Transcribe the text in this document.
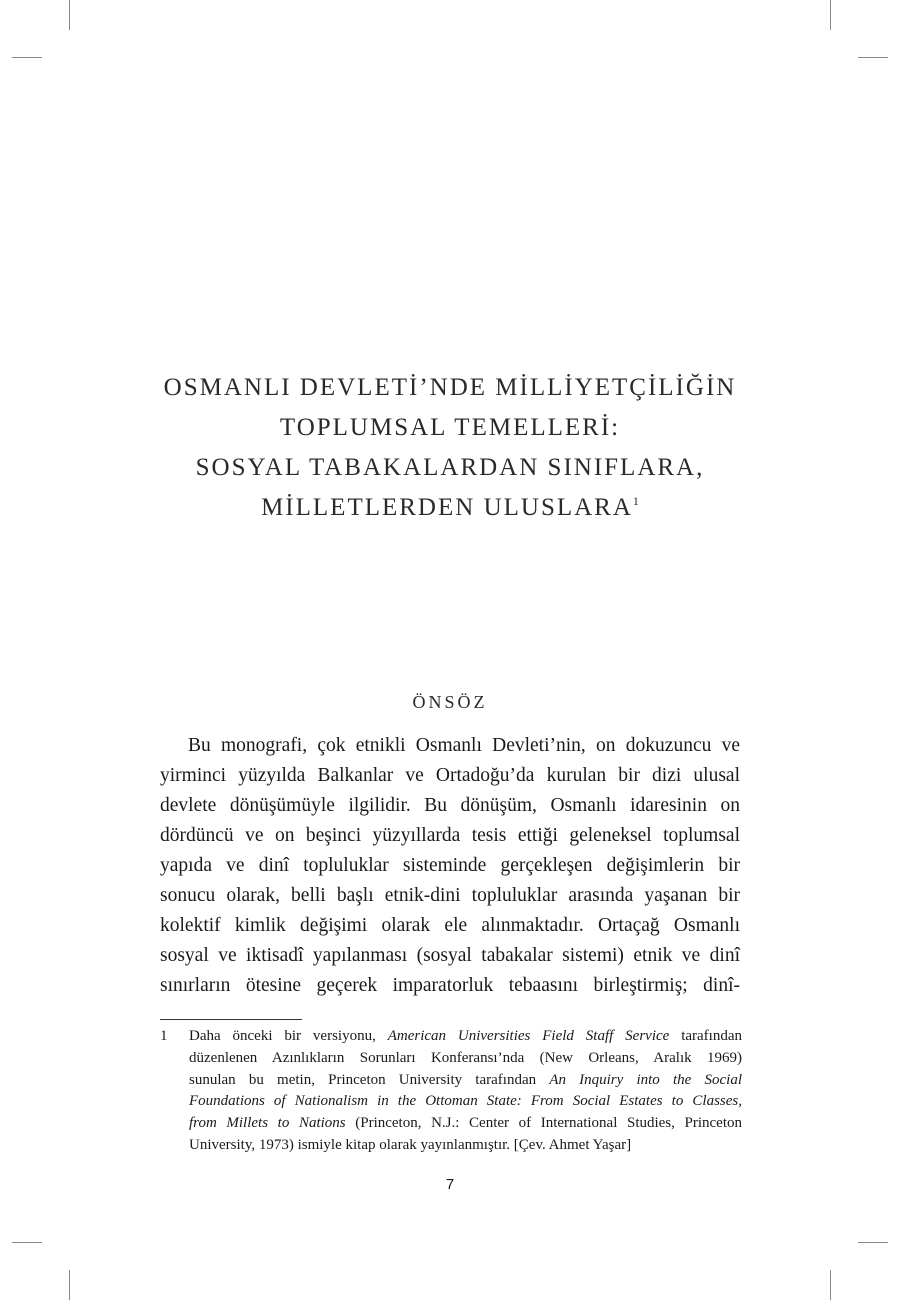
OSMANLI DEVLETİ’NDE MİLLİYETÇİLİĞİN
TOPLUMSAL TEMELLERİ:
SOSYAL TABAKALARDAN SINIFLARA,
MİLLETLERDEN ULUSLARA$^1$
ÖNSÖZ
Bu monografi, çok etnikli Osmanlı Devleti’nin, on dokuzuncu ve
yirminci yüzyılda Balkanlar ve Ortadoğu’da kurulan bir dizi ulusal
devlete dönüşümüyle ilgilidir. Bu dönüşüm, Osmanlı idaresinin on
dördüncü ve on beşinci yüzyıllarda tesis ettiği geleneksel toplumsal
yapıda ve dinî topluluklar sisteminde gerçekleşen değişimlerin bir
sonucu olarak, belli başlı etnik-dini topluluklar arasında yaşanan bir
kolektif kimlik değişimi olarak ele alınmaktadır. Ortaçağ Osmanlı
sosyal ve iktisadî yapılanması (sosyal tabakalar sistemi) etnik ve dinî
sınırların ötesine geçerek imparatorluk tebaasını birleştirmiş; dinî-
1 Daha önceki bir versiyonu, American Universities Field Staff Service tarafından
düzenlenen Azınlıkların Sorunları Konferansı’nda (New Orleans, Aralık 1969)
sunulan bu metin, Princeton University tarafından An Inquiry into the Social
Foundations of Nationalism in the Ottoman State: From Social Estates to Classes,
from Millets to Nations (Princeton, N.J.: Center of International Studies, Princeton
University, 1973) ismiyle kitap olarak yayınlanmıştır. [Çev. Ahmet Yaşar]
7
